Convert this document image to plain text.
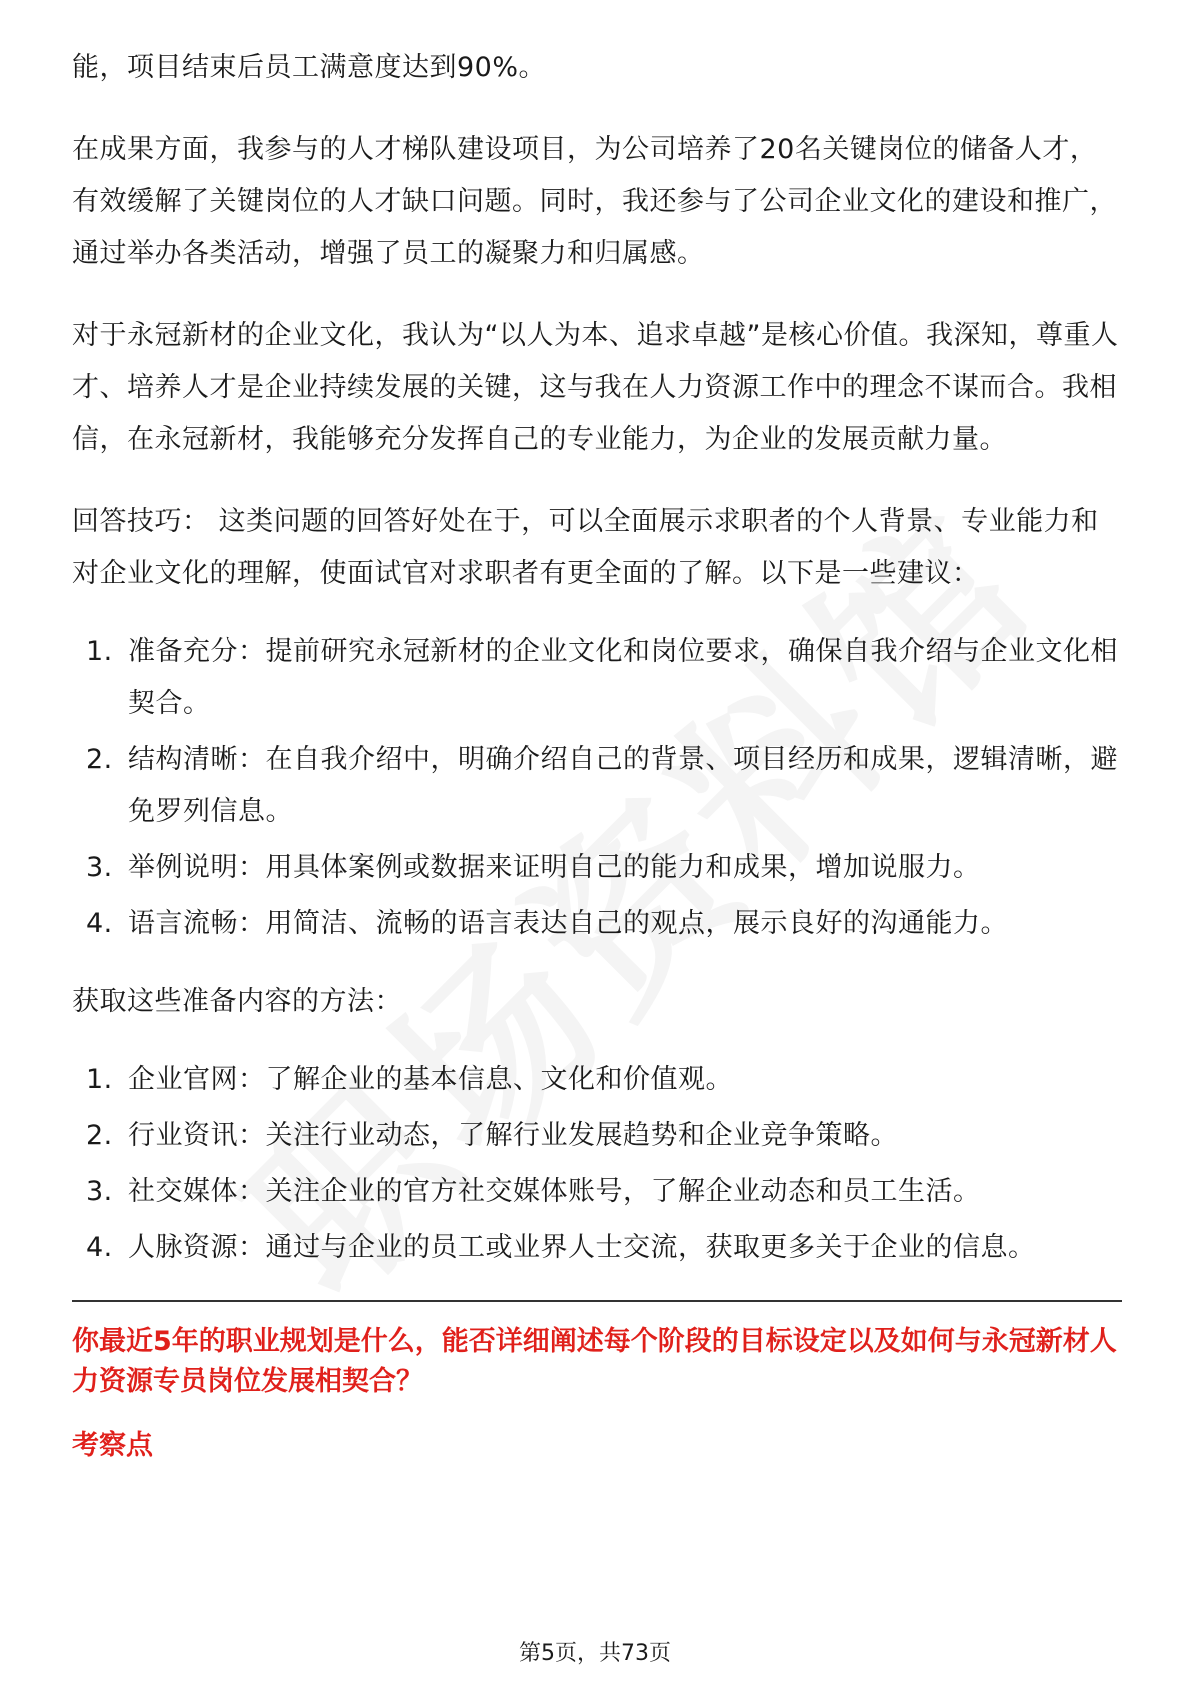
能，项目结束后员工满意度达到90%。

在成果方面，我参与的人才梯队建设项目，为公司培养了20名关键岗位的储备人才，有效缓解了关键岗位的人才缺口问题。同时，我还参与了公司企业文化的建设和推广，通过举办各类活动，增强了员工的凝聚力和归属感。

对于永冠新材的企业文化，我认为“以人为本、追求卓越”是核心价值。我深知，尊重人才、培养人才是企业持续发展的关键，这与我在人力资源工作中的理念不谋而合。我相信，在永冠新材，我能够充分发挥自己的专业能力，为企业的发展贡献力量。

回答技巧： 这类问题的回答好处在于，可以全面展示求职者的个人背景、专业能力和对企业文化的理解，使面试官对求职者有更全面的了解。以下是一些建议：

1. 准备充分：提前研究永冠新材的企业文化和岗位要求，确保自我介绍与企业文化相契合。
2. 结构清晰：在自我介绍中，明确介绍自己的背景、项目经历和成果，逻辑清晰，避免罗列信息。
3. 举例说明：用具体案例或数据来证明自己的能力和成果，增加说服力。
4. 语言流畅：用简洁、流畅的语言表达自己的观点，展示良好的沟通能力。

获取这些准备内容的方法：

1. 企业官网：了解企业的基本信息、文化和价值观。
2. 行业资讯：关注行业动态，了解行业发展趋势和企业竞争策略。
3. 社交媒体：关注企业的官方社交媒体账号，了解企业动态和员工生活。
4. 人脉资源：通过与企业的员工或业界人士交流，获取更多关于企业的信息。

你最近5年的职业规划是什么，能否详细阐述每个阶段的目标设定以及如何与永冠新材人力资源专员岗位发展相契合？

考察点

第5页，共73页
